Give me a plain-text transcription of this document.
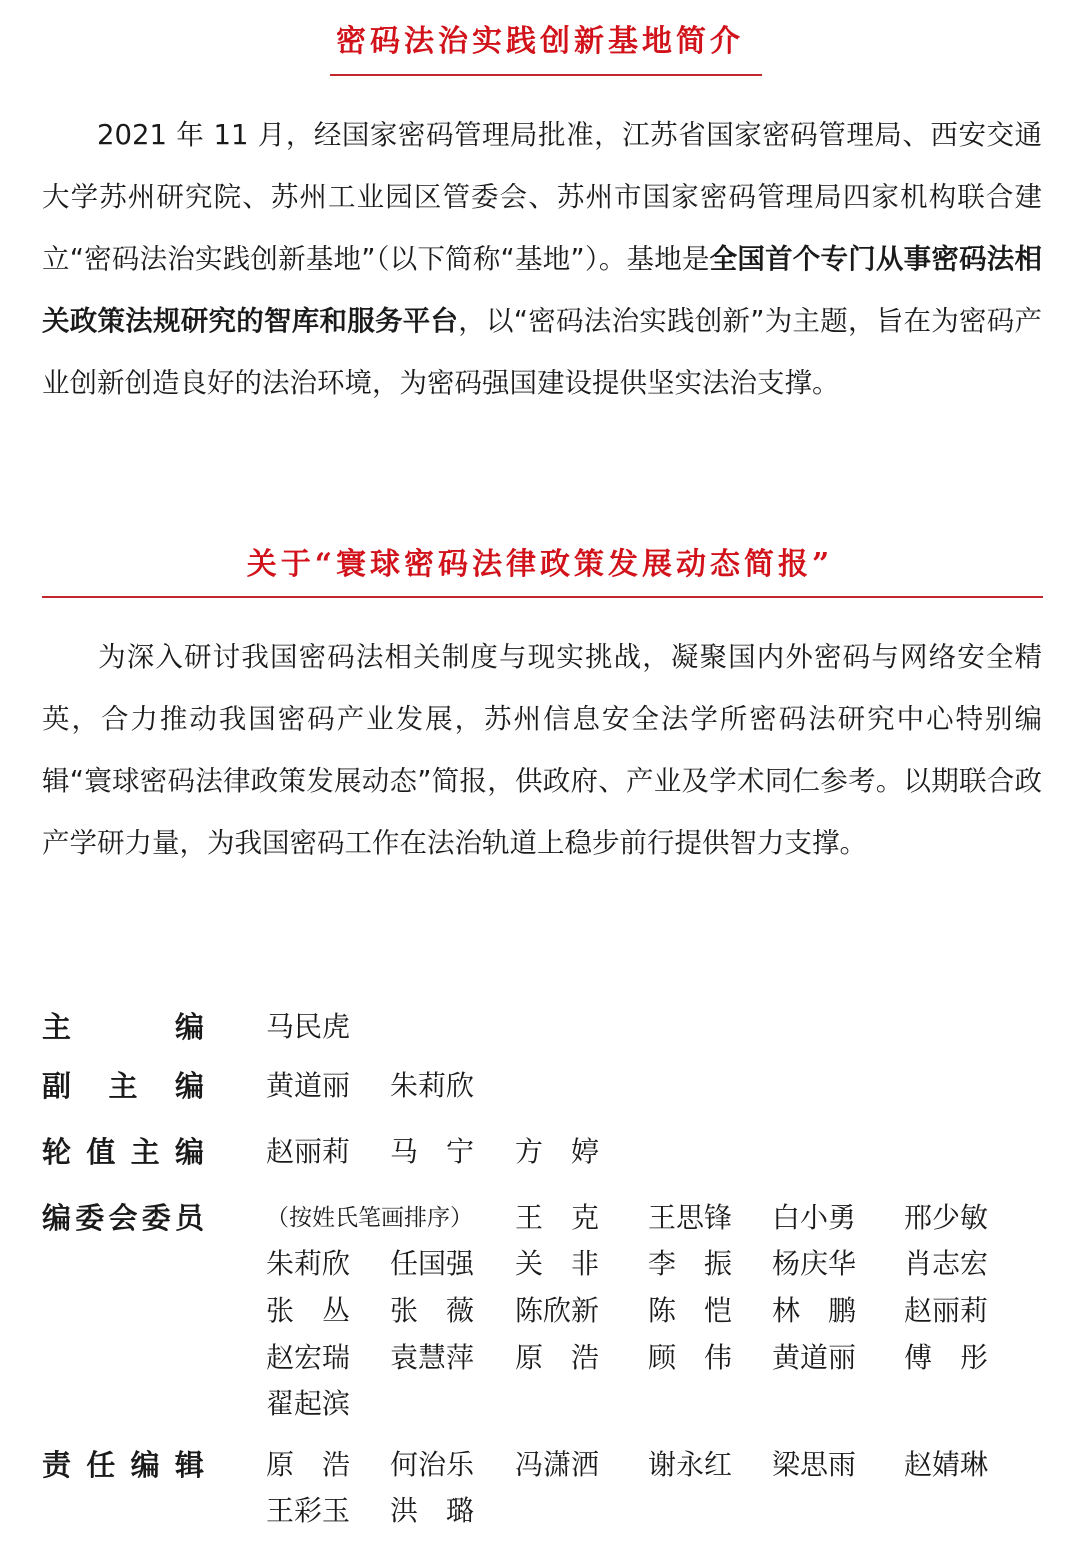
密码法治实践创新基地简介

2021 年 11 月，经国家密码管理局批准，江苏省国家密码管理局、西安交通大学苏州研究院、苏州工业园区管委会、苏州市国家密码管理局四家机构联合建立“密码法治实践创新基地”（以下简称“基地”）。基地是全国首个专门从事密码法相关政策法规研究的智库和服务平台，以“密码法治实践创新”为主题，旨在为密码产业创新创造良好的法治环境，为密码强国建设提供坚实法治支撑。

关于“寰球密码法律政策发展动态简报”

为深入研讨我国密码法相关制度与现实挑战，凝聚国内外密码与网络安全精英，合力推动我国密码产业发展，苏州信息安全法学所密码法研究中心特别编辑“寰球密码法律政策发展动态”简报，供政府、产业及学术同仁参考。以期联合政产学研力量，为我国密码工作在法治轨道上稳步前行提供智力支撑。

主编 马民虎
副主编 黄道丽 朱莉欣
轮值主编 赵丽莉 马　宁 方　婷
编委会委员	（按姓氏笔画排序） 王　克 王思锋 白小勇 邢少敏
朱莉欣 任国强 关　非 李　振 杨庆华 肖志宏
张　丛 张　薇 陈欣新 陈　恺 林　鹏 赵丽莉
赵宏瑞 袁慧萍 原　浩 顾　伟 黄道丽 傅　彤
翟起滨
责任编辑 原　浩 何治乐 冯潇洒 谢永红 梁思雨 赵婧琳
王彩玉 洪　璐
